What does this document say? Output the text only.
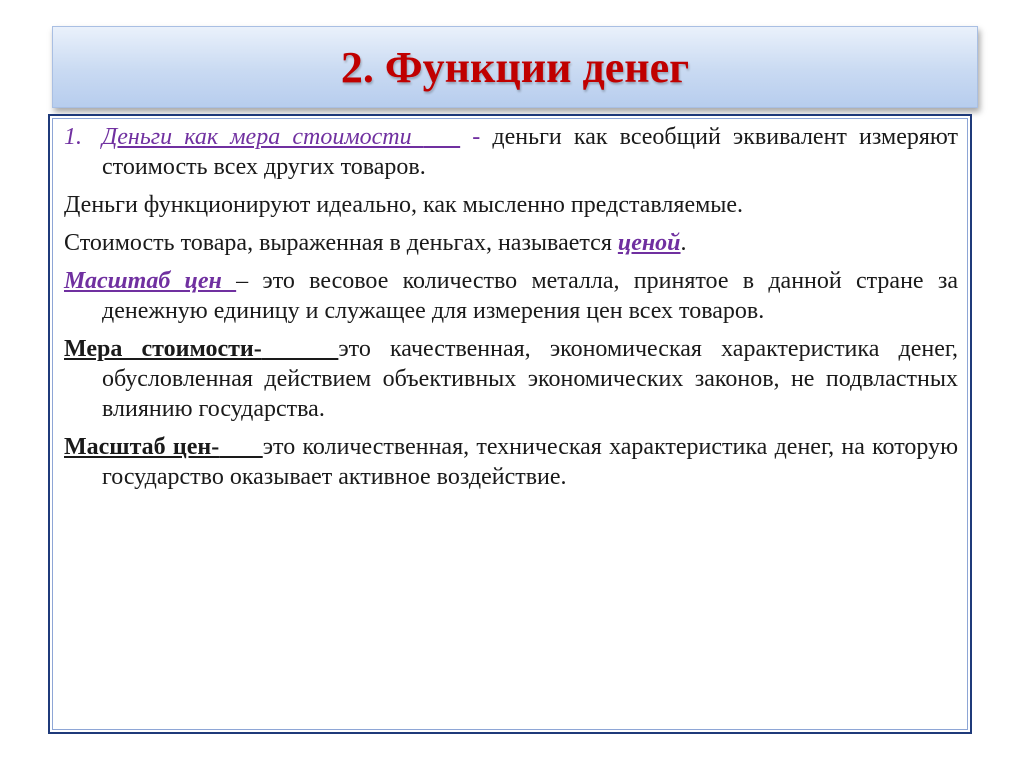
2. Функции денег

1. Деньги как мера стоимости     - деньги как всеобщий эквивалент измеряют стоимость всех других товаров.

Деньги функционируют идеально, как мысленно представляемые.

Стоимость товара, выраженная в деньгах, называется ценой.

Масштаб цен – это весовое количество металла, принятое в данной стране за денежную единицу и служащее для измерения цен всех товаров.

Мера стоимости-	это качественная, экономическая характеристика денег, обусловленная действием объективных экономических законов, не подвластных влиянию государства.

Масштаб цен- это количественная, техническая характеристика денег, на которую государство оказывает активное воздействие.
